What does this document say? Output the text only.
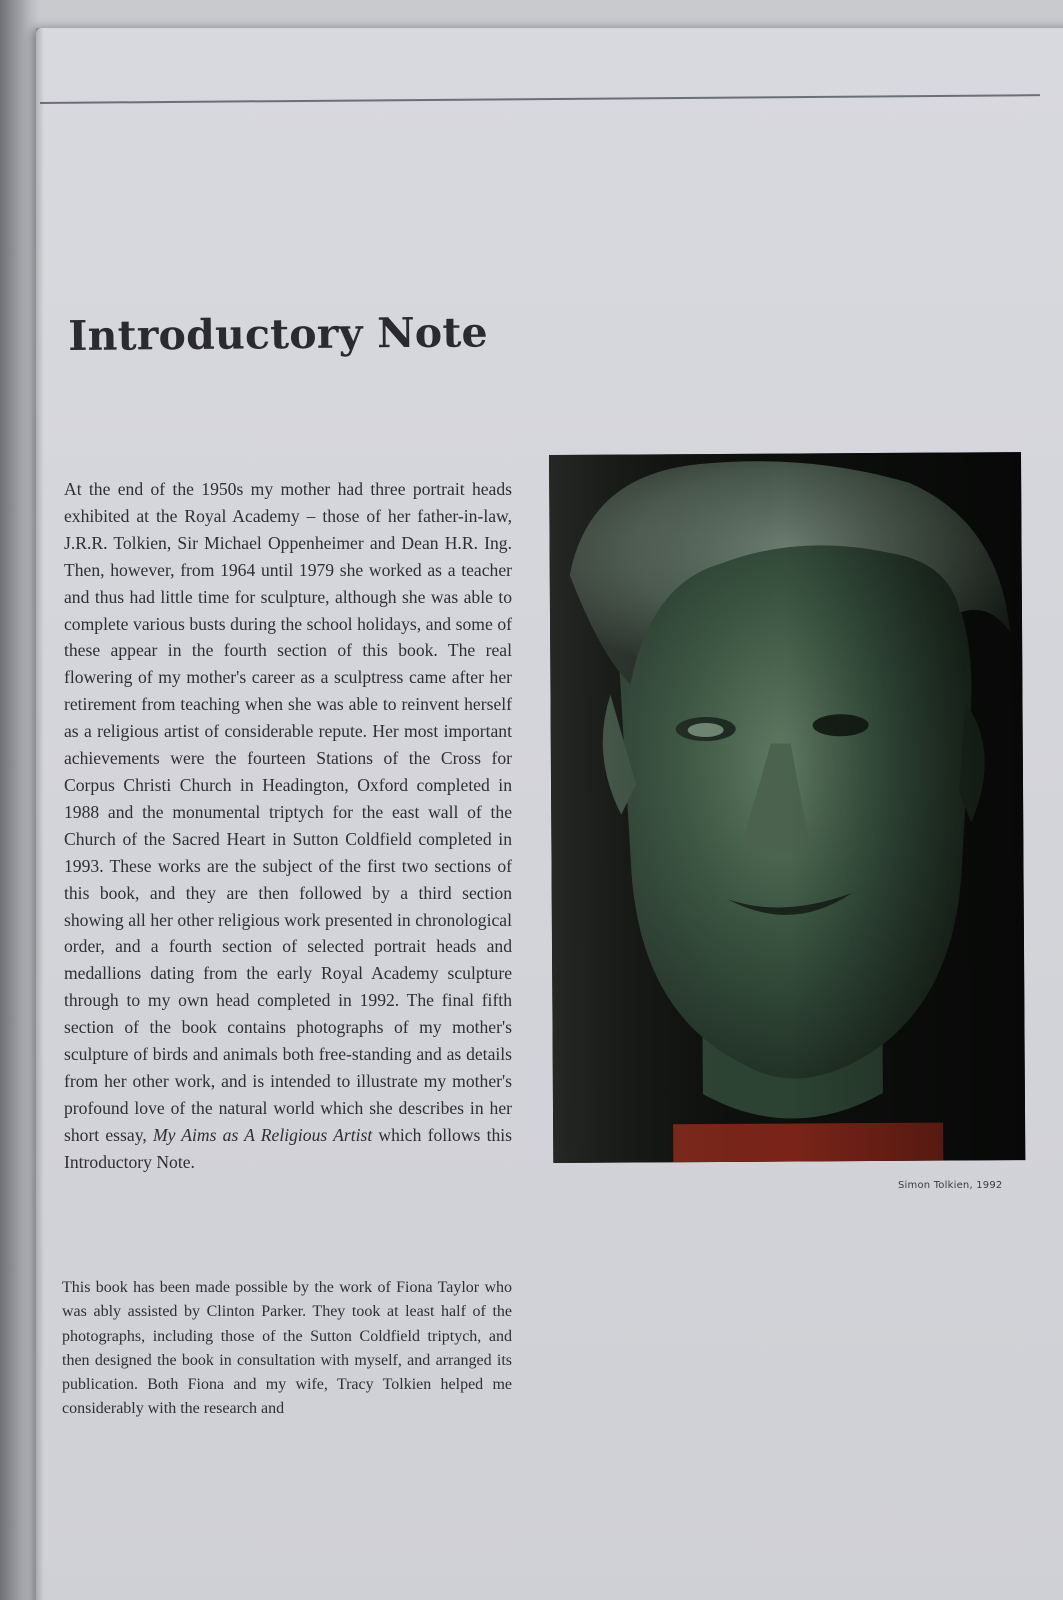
Introductory Note

At the end of the 1950s my mother had three portrait heads exhibited at the Royal Academy – those of her father-in-law, J.R.R. Tolkien, Sir Michael Oppenheimer and Dean H.R. Ing. Then, however, from 1964 until 1979 she worked as a teacher and thus had little time for sculpture, although she was able to complete various busts during the school holidays, and some of these appear in the fourth section of this book. The real flowering of my mother's career as a sculptress came after her retirement from teaching when she was able to reinvent herself as a religious artist of considerable repute. Her most important achievements were the fourteen Stations of the Cross for Corpus Christi Church in Headington, Oxford completed in 1988 and the monumental triptych for the east wall of the Church of the Sacred Heart in Sutton Coldfield completed in 1993. These works are the subject of the first two sections of this book, and they are then followed by a third section showing all her other religious work presented in chronological order, and a fourth section of selected portrait heads and medallions dating from the early Royal Academy sculpture through to my own head completed in 1992. The final fifth section of the book contains photographs of my mother's sculpture of birds and animals both free-standing and as details from her other work, and is intended to illustrate my mother's profound love of the natural world which she describes in her short essay, My Aims as A Religious Artist which follows this Introductory Note.

This book has been made possible by the work of Fiona Taylor who was ably assisted by Clinton Parker. They took at least half of the photographs, including those of the Sutton Coldfield triptych, and then designed the book in consultation with myself, and arranged its publication. Both Fiona and my wife, Tracy Tolkien helped me considerably with the research and

Simon Tolkien, 1992
